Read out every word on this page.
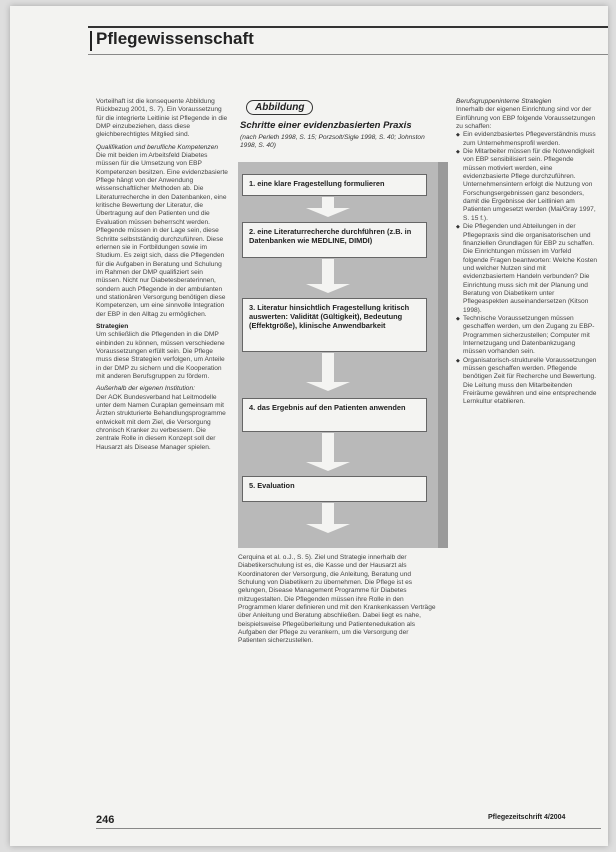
Pflegewissenschaft

Vorteilhaft ist die konsequente Abbildung Rückbezug 2001, S. 7). Ein Voraussetzung für die integrierte Leitlinie ist Pflegende in die DMP einzubeziehen, dass diese gleichberechtigtes Mitglied sind.

Qualifikation und berufliche Kompetenzen

Die mit beiden im Arbeitsfeld Diabetes müssen für die Umsetzung von EBP Kompetenzen besitzen. Eine evidenzbasierte Pflege hängt von der Anwendung wissenschaftlicher Methoden ab. Die Literaturrecherche in den Datenbanken, eine kritische Bewertung der Literatur, die Übertragung auf den Patienten und die Evaluation müssen beherrscht werden. Pflegende müssen in der Lage sein, diese Schritte selbstständig durchzuführen. Diese erlernen sie in Fortbildungen sowie im Studium. Es zeigt sich, dass die Pflegenden für die Aufgaben in Beratung und Schulung im Rahmen der DMP qualifiziert sein müssen. Nicht nur Diabetesberaterinnen, sondern auch Pflegende in der ambulanten und stationären Versorgung benötigen diese Kompetenzen, um eine sinnvolle Integration der EBP in den Alltag zu ermöglichen.

Strategien

Um schließlich die Pflegenden in die DMP einbinden zu können, müssen verschiedene Voraussetzungen erfüllt sein. Die Pflege muss diese Strategien verfolgen, um Anteile in der DMP zu sichern und die Kooperation mit anderen Berufsgruppen zu fördern.

Außerhalb der eigenen Institution:

Der AOK Bundesverband hat Leitmodelle unter dem Namen Curaplan gemeinsam mit Ärzten strukturierte Behandlungsprogramme entwickelt mit dem Ziel, die Versorgung chronisch Kranker zu verbessern. Die zentrale Rolle in diesem Konzept soll der Hausarzt als Disease Manager spielen.

Abbildung
Schritte einer evidenzbasierten Praxis
(nach Perleth 1998, S. 15; Porzsolt/Sigle 1998, S. 40; Johnston 1998, S. 40)
1. eine klare Fragestellung formulieren
2. eine Literaturrecherche durchführen (z.B. in Datenbanken wie MEDLINE, DIMDI)
3. Literatur hinsichtlich Fragestellung kritisch auswerten: Validität (Gültigkeit), Bedeutung (Effektgröße), klinische Anwendbarkeit
4. das Ergebnis auf den Patienten anwenden
5. Evaluation

Cerquina et al. o.J., S. 5). Ziel und Strategie innerhalb der Diabetikerschulung ist es, die Kasse und der Hausarzt als Koordinatoren der Versorgung, die Anleitung, Beratung und Schulung von Diabetikern zu übernehmen. Die Pflege ist es gelungen, Disease Management Programme für Diabetes mitzugestalten. Die Pflegenden müssen ihre Rolle in den Programmen klarer definieren und mit den Krankenkassen Verträge über Anleitung und Beratung abschließen. Dabei liegt es nahe, beispielsweise Pflegeüberleitung und Patientenedukation als Aufgaben der Pflege zu verankern, um die Versorgung der Patienten sicherzustellen.

Berufsgruppeninterne Strategien

Innerhalb der eigenen Einrichtung sind vor der Einführung von EBP folgende Voraussetzungen zu schaffen:

◆ Ein evidenzbasiertes Pflegeverständnis muss zum Unternehmensprofil werden.

◆ Die Mitarbeiter müssen für die Notwendigkeit von EBP sensibilisiert sein. Pflegende müssen motiviert werden, eine evidenzbasierte Pflege durchzuführen. Unternehmensintern erfolgt die Nutzung von Forschungsergebnissen ganz besonders, damit die Ergebnisse der Leitlinien am Patienten umgesetzt werden (Mai/Gray 1997, S. 15 f.).

◆ Die Pflegenden und Abteilungen in der Pflegepraxis sind die organisatorischen und finanziellen Grundlagen für EBP zu schaffen. Die Einrichtungen müssen im Vorfeld folgende Fragen beantworten: Welche Kosten und welcher Nutzen sind mit evidenzbasiertem Handeln verbunden? Die Einrichtung muss sich mit der Planung und Beratung von Diabetikern unter Pflegeaspekten auseinandersetzen (Kitson 1998).

◆ Technische Voraussetzungen müssen geschaffen werden, um den Zugang zu EBP-Programmen sicherzustellen; Computer mit Internetzugang und Datenbankzugang müssen vorhanden sein.

◆ Organisatorisch-strukturelle Voraussetzungen müssen geschaffen werden. Pflegende benötigen Zeit für Recherche und Bewertung. Die Leitung muss den Mitarbeitenden Freiräume gewähren und eine entsprechende Lernkultur etablieren.

246	Pflegezeitschrift 4/2004
